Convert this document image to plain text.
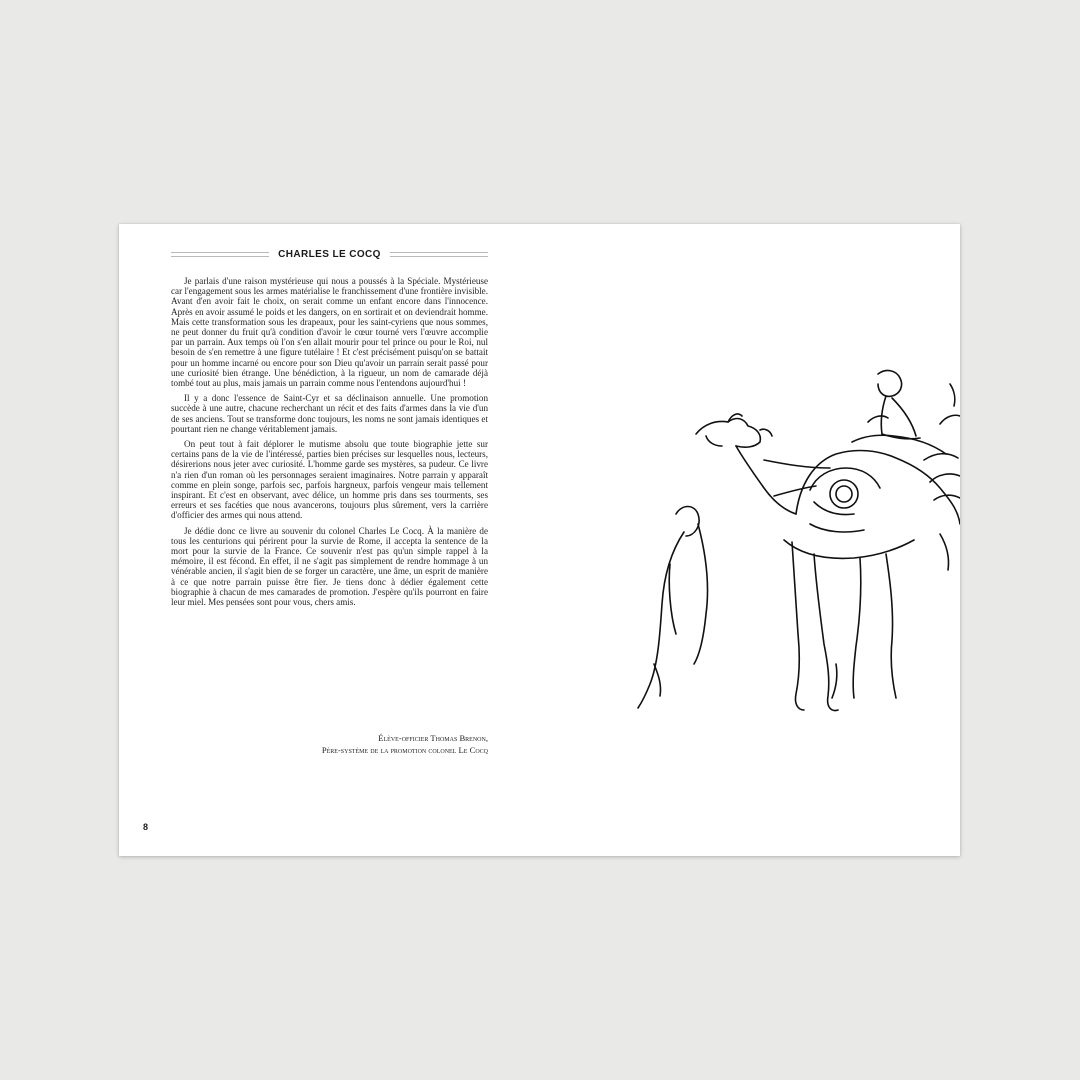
CHARLES LE COCQ

Je parlais d'une raison mystérieuse qui nous a poussés à la Spéciale. Mystérieuse car l'engagement sous les armes matérialise le franchissement d'une frontière invisible. Avant d'en avoir fait le choix, on serait comme un enfant encore dans l'innocence. Après en avoir assumé le poids et les dangers, on en sortirait et on deviendrait homme. Mais cette transformation sous les drapeaux, pour les saint-cyriens que nous sommes, ne peut donner du fruit qu'à condition d'avoir le cœur tourné vers l'œuvre accomplie par un parrain. Aux temps où l'on s'en allait mourir pour tel prince ou pour le Roi, nul besoin de s'en remettre à une figure tutélaire ! Et c'est précisément puisqu'on se battait pour un homme incarné ou encore pour son Dieu qu'avoir un parrain serait passé pour une curiosité bien étrange. Une bénédiction, à la rigueur, un nom de camarade déjà tombé tout au plus, mais jamais un parrain comme nous l'entendons aujourd'hui !

Il y a donc l'essence de Saint-Cyr et sa déclinaison annuelle. Une promotion succède à une autre, chacune recherchant un récit et des faits d'armes dans la vie d'un de ses anciens. Tout se transforme donc toujours, les noms ne sont jamais identiques et pourtant rien ne change véritablement jamais.

On peut tout à fait déplorer le mutisme absolu que toute biographie jette sur certains pans de la vie de l'intéressé, parties bien précises sur lesquelles nous, lecteurs, désirerions nous jeter avec curiosité. L'homme garde ses mystères, sa pudeur. Ce livre n'a rien d'un roman où les personnages seraient imaginaires. Notre parrain y apparaît comme en plein songe, parfois sec, parfois hargneux, parfois vengeur mais tellement inspirant. Et c'est en observant, avec délice, un homme pris dans ses tourments, ses erreurs et ses facéties que nous avancerons, toujours plus sûrement, vers la carrière d'officier des armes qui nous attend.

Je dédie donc ce livre au souvenir du colonel Charles Le Cocq. À la manière de tous les centurions qui périrent pour la survie de Rome, il accepta la sentence de la mort pour la survie de la France. Ce souvenir n'est pas qu'un simple rappel à la mémoire, il est fécond. En effet, il ne s'agit pas simplement de rendre hommage à un vénérable ancien, il s'agit bien de se forger un caractère, une âme, un esprit de manière à ce que notre parrain puisse être fier. Je tiens donc à dédier également cette biographie à chacun de mes camarades de promotion. J'espère qu'ils pourront en faire leur miel. Mes pensées sont pour vous, chers amis.

Élève-officier Thomas Brenon,
Père-système de la promotion colonel Le Cocq
8
